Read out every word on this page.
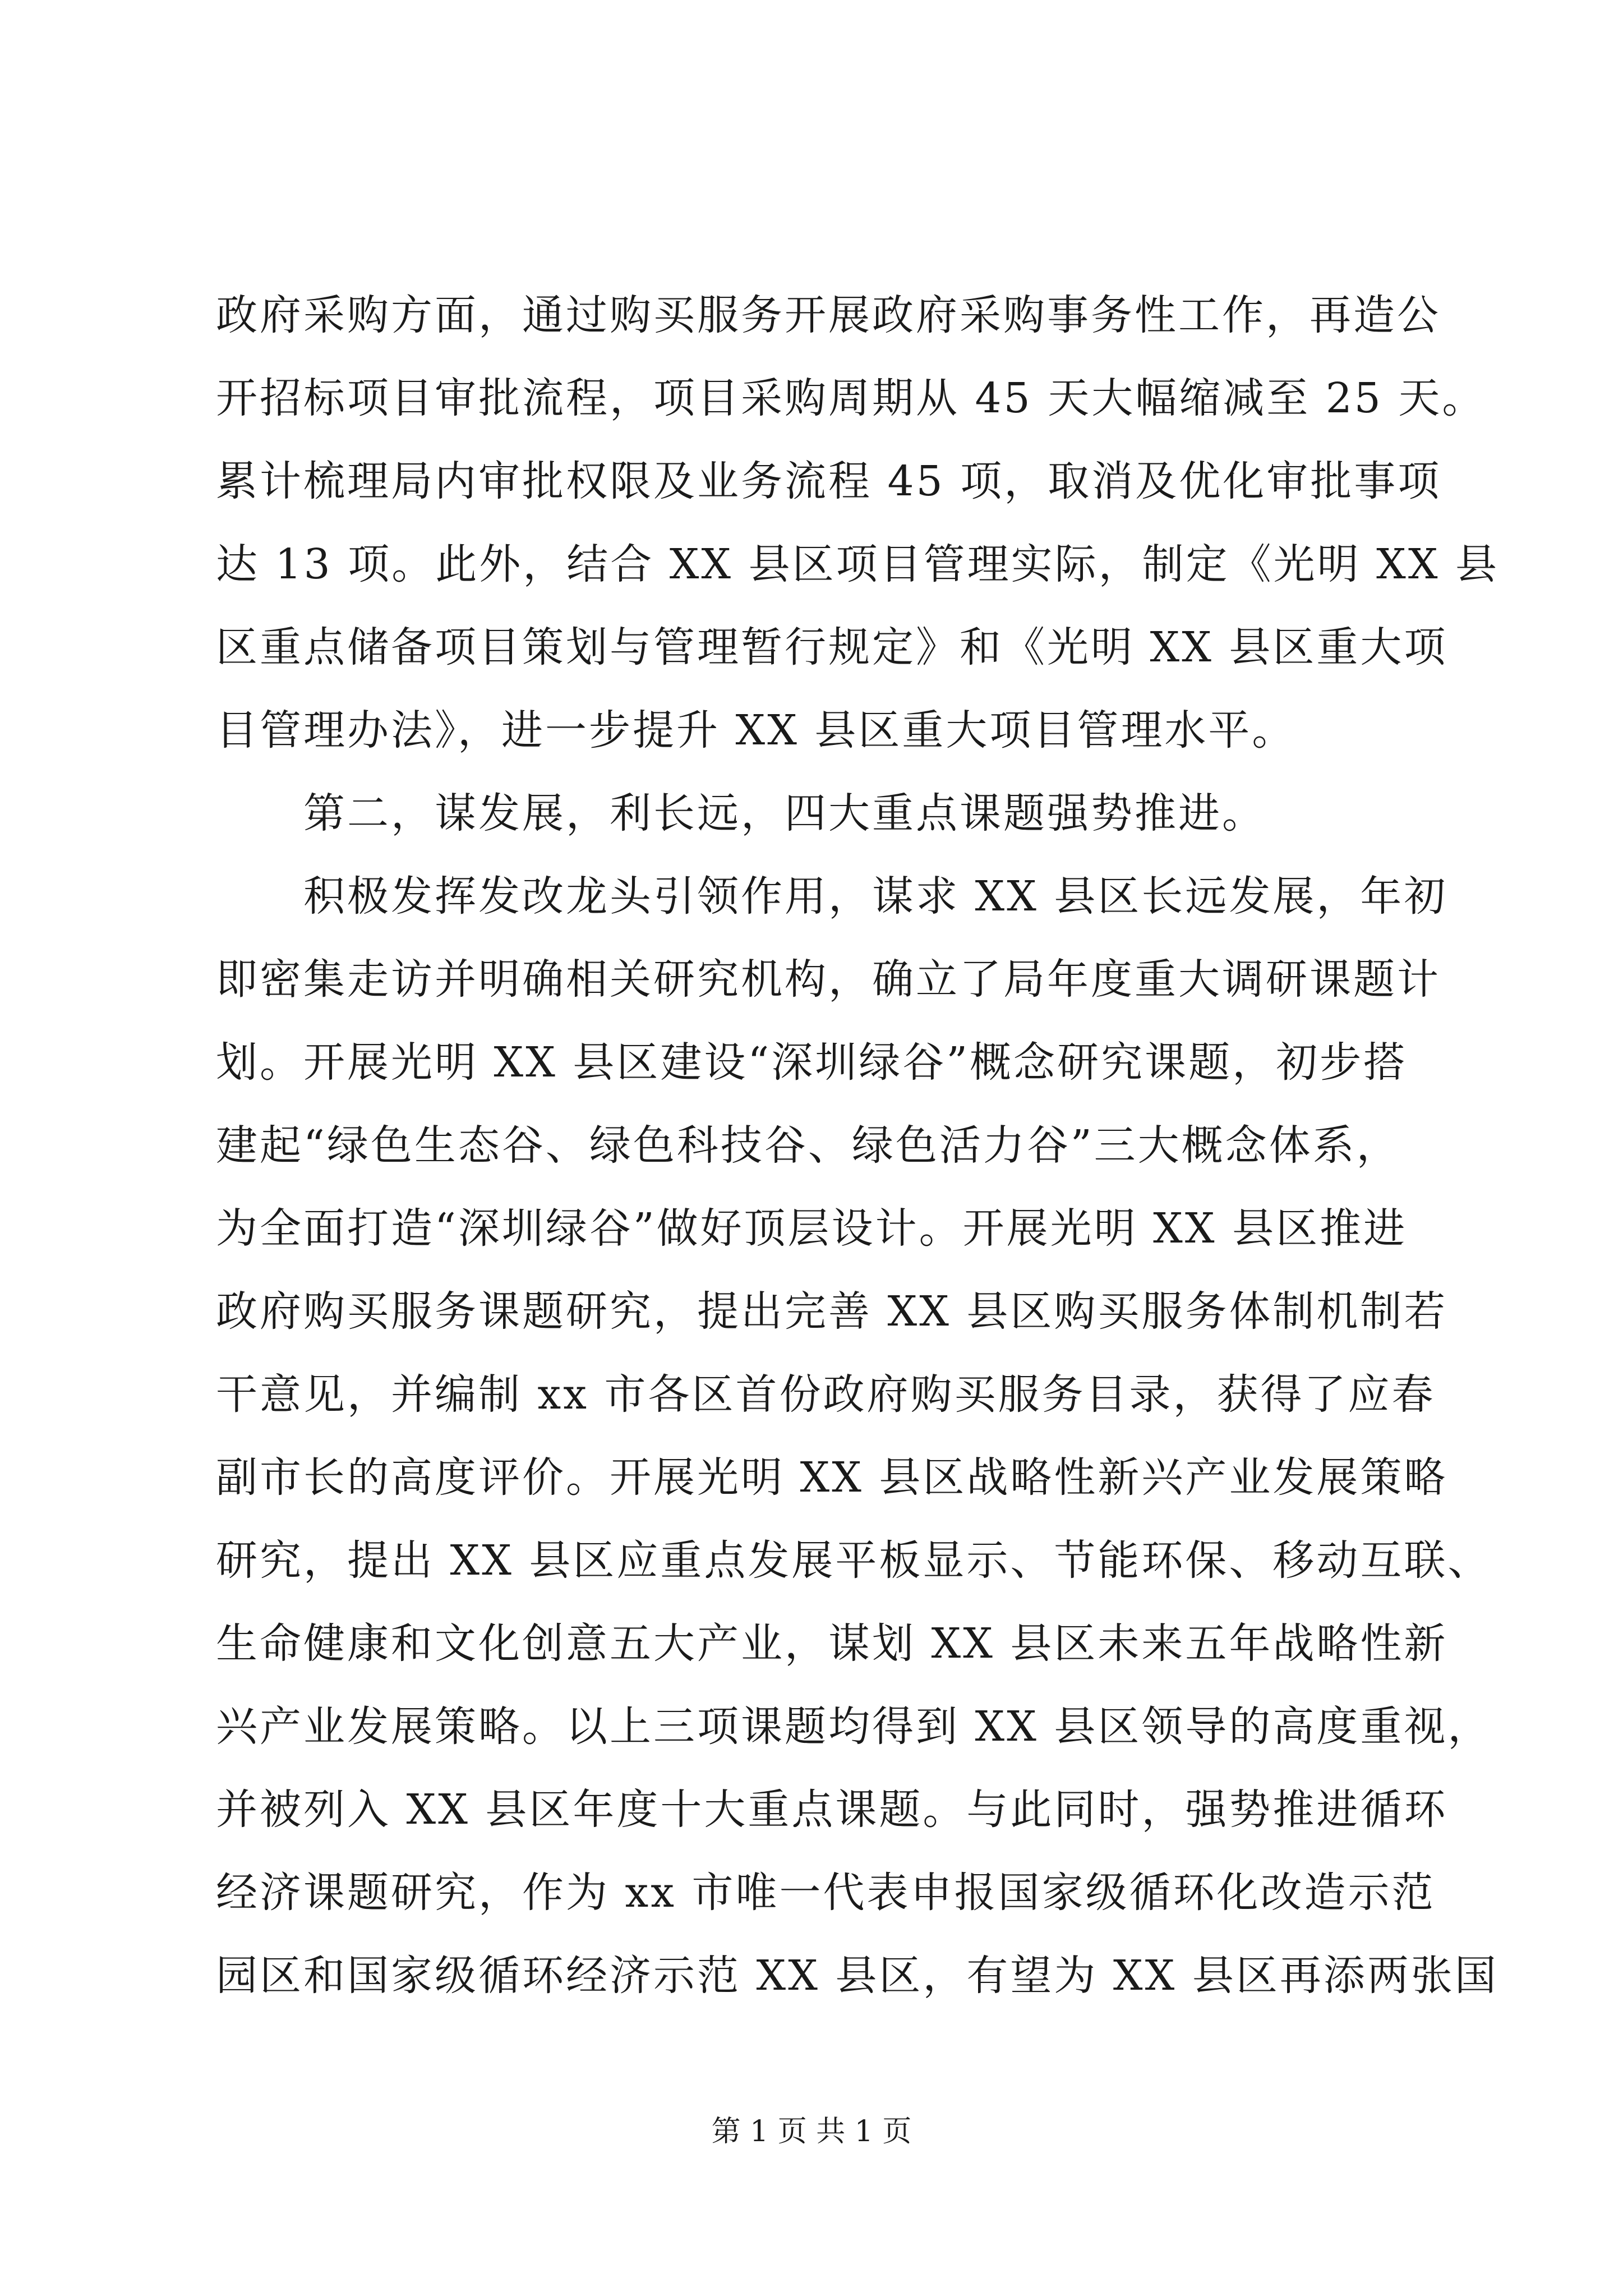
政府采购方面，通过购买服务开展政府采购事务性工作，再造公
开招标项目审批流程，项目采购周期从 45 天大幅缩减至 25 天。
累计梳理局内审批权限及业务流程 45 项，取消及优化审批事项
达 13 项。此外，结合 XX 县区项目管理实际，制定《光明 XX 县
区重点储备项目策划与管理暂行规定》和《光明 XX 县区重大项
目管理办法》，进一步提升 XX 县区重大项目管理水平。
　　第二，谋发展，利长远，四大重点课题强势推进。
　　积极发挥发改龙头引领作用，谋求 XX 县区长远发展，年初
即密集走访并明确相关研究机构，确立了局年度重大调研课题计
划。开展光明 XX 县区建设“深圳绿谷”概念研究课题，初步搭
建起“绿色生态谷、绿色科技谷、绿色活力谷”三大概念体系，
为全面打造“深圳绿谷”做好顶层设计。开展光明 XX 县区推进
政府购买服务课题研究，提出完善 XX 县区购买服务体制机制若
干意见，并编制 xx 市各区首份政府购买服务目录，获得了应春
副市长的高度评价。开展光明 XX 县区战略性新兴产业发展策略
研究，提出 XX 县区应重点发展平板显示、节能环保、移动互联、
生命健康和文化创意五大产业，谋划 XX 县区未来五年战略性新
兴产业发展策略。以上三项课题均得到 XX 县区领导的高度重视，
并被列入 XX 县区年度十大重点课题。与此同时，强势推进循环
经济课题研究，作为 xx 市唯一代表申报国家级循环化改造示范
园区和国家级循环经济示范 XX 县区，有望为 XX 县区再添两张国
第 1 页 共 1 页
